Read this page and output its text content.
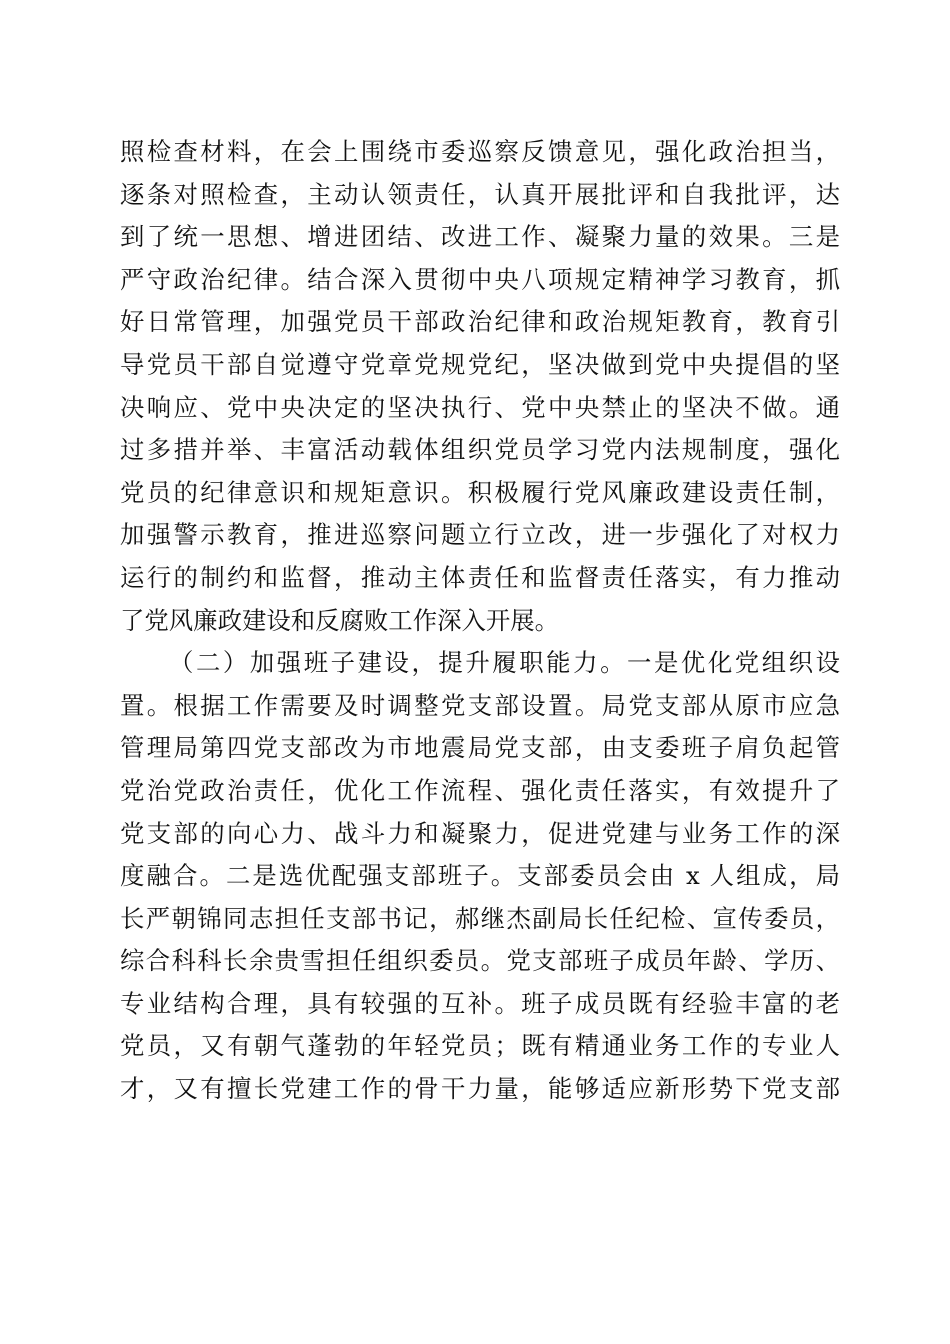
照检查材料，在会上围绕市委巡察反馈意见，强化政治担当，
逐条对照检查，主动认领责任，认真开展批评和自我批评，达
到了统一思想、增进团结、改进工作、凝聚力量的效果。三是
严守政治纪律。结合深入贯彻中央八项规定精神学习教育，抓
好日常管理，加强党员干部政治纪律和政治规矩教育，教育引
导党员干部自觉遵守党章党规党纪，坚决做到党中央提倡的坚
决响应、党中央决定的坚决执行、党中央禁止的坚决不做。通
过多措并举、丰富活动载体组织党员学习党内法规制度，强化
党员的纪律意识和规矩意识。积极履行党风廉政建设责任制，
加强警示教育，推进巡察问题立行立改，进一步强化了对权力
运行的制约和监督，推动主体责任和监督责任落实，有力推动
了党风廉政建设和反腐败工作深入开展。
（二）加强班子建设，提升履职能力。一是优化党组织设
置。根据工作需要及时调整党支部设置。局党支部从原市应急
管理局第四党支部改为市地震局党支部，由支委班子肩负起管
党治党政治责任，优化工作流程、强化责任落实，有效提升了
党支部的向心力、战斗力和凝聚力，促进党建与业务工作的深
度融合。二是选优配强支部班子。支部委员会由 x 人组成，局
长严朝锦同志担任支部书记，郝继杰副局长任纪检、宣传委员，
综合科科长余贵雪担任组织委员。党支部班子成员年龄、学历、
专业结构合理，具有较强的互补。班子成员既有经验丰富的老
党员，又有朝气蓬勃的年轻党员；既有精通业务工作的专业人
才，又有擅长党建工作的骨干力量，能够适应新形势下党支部
